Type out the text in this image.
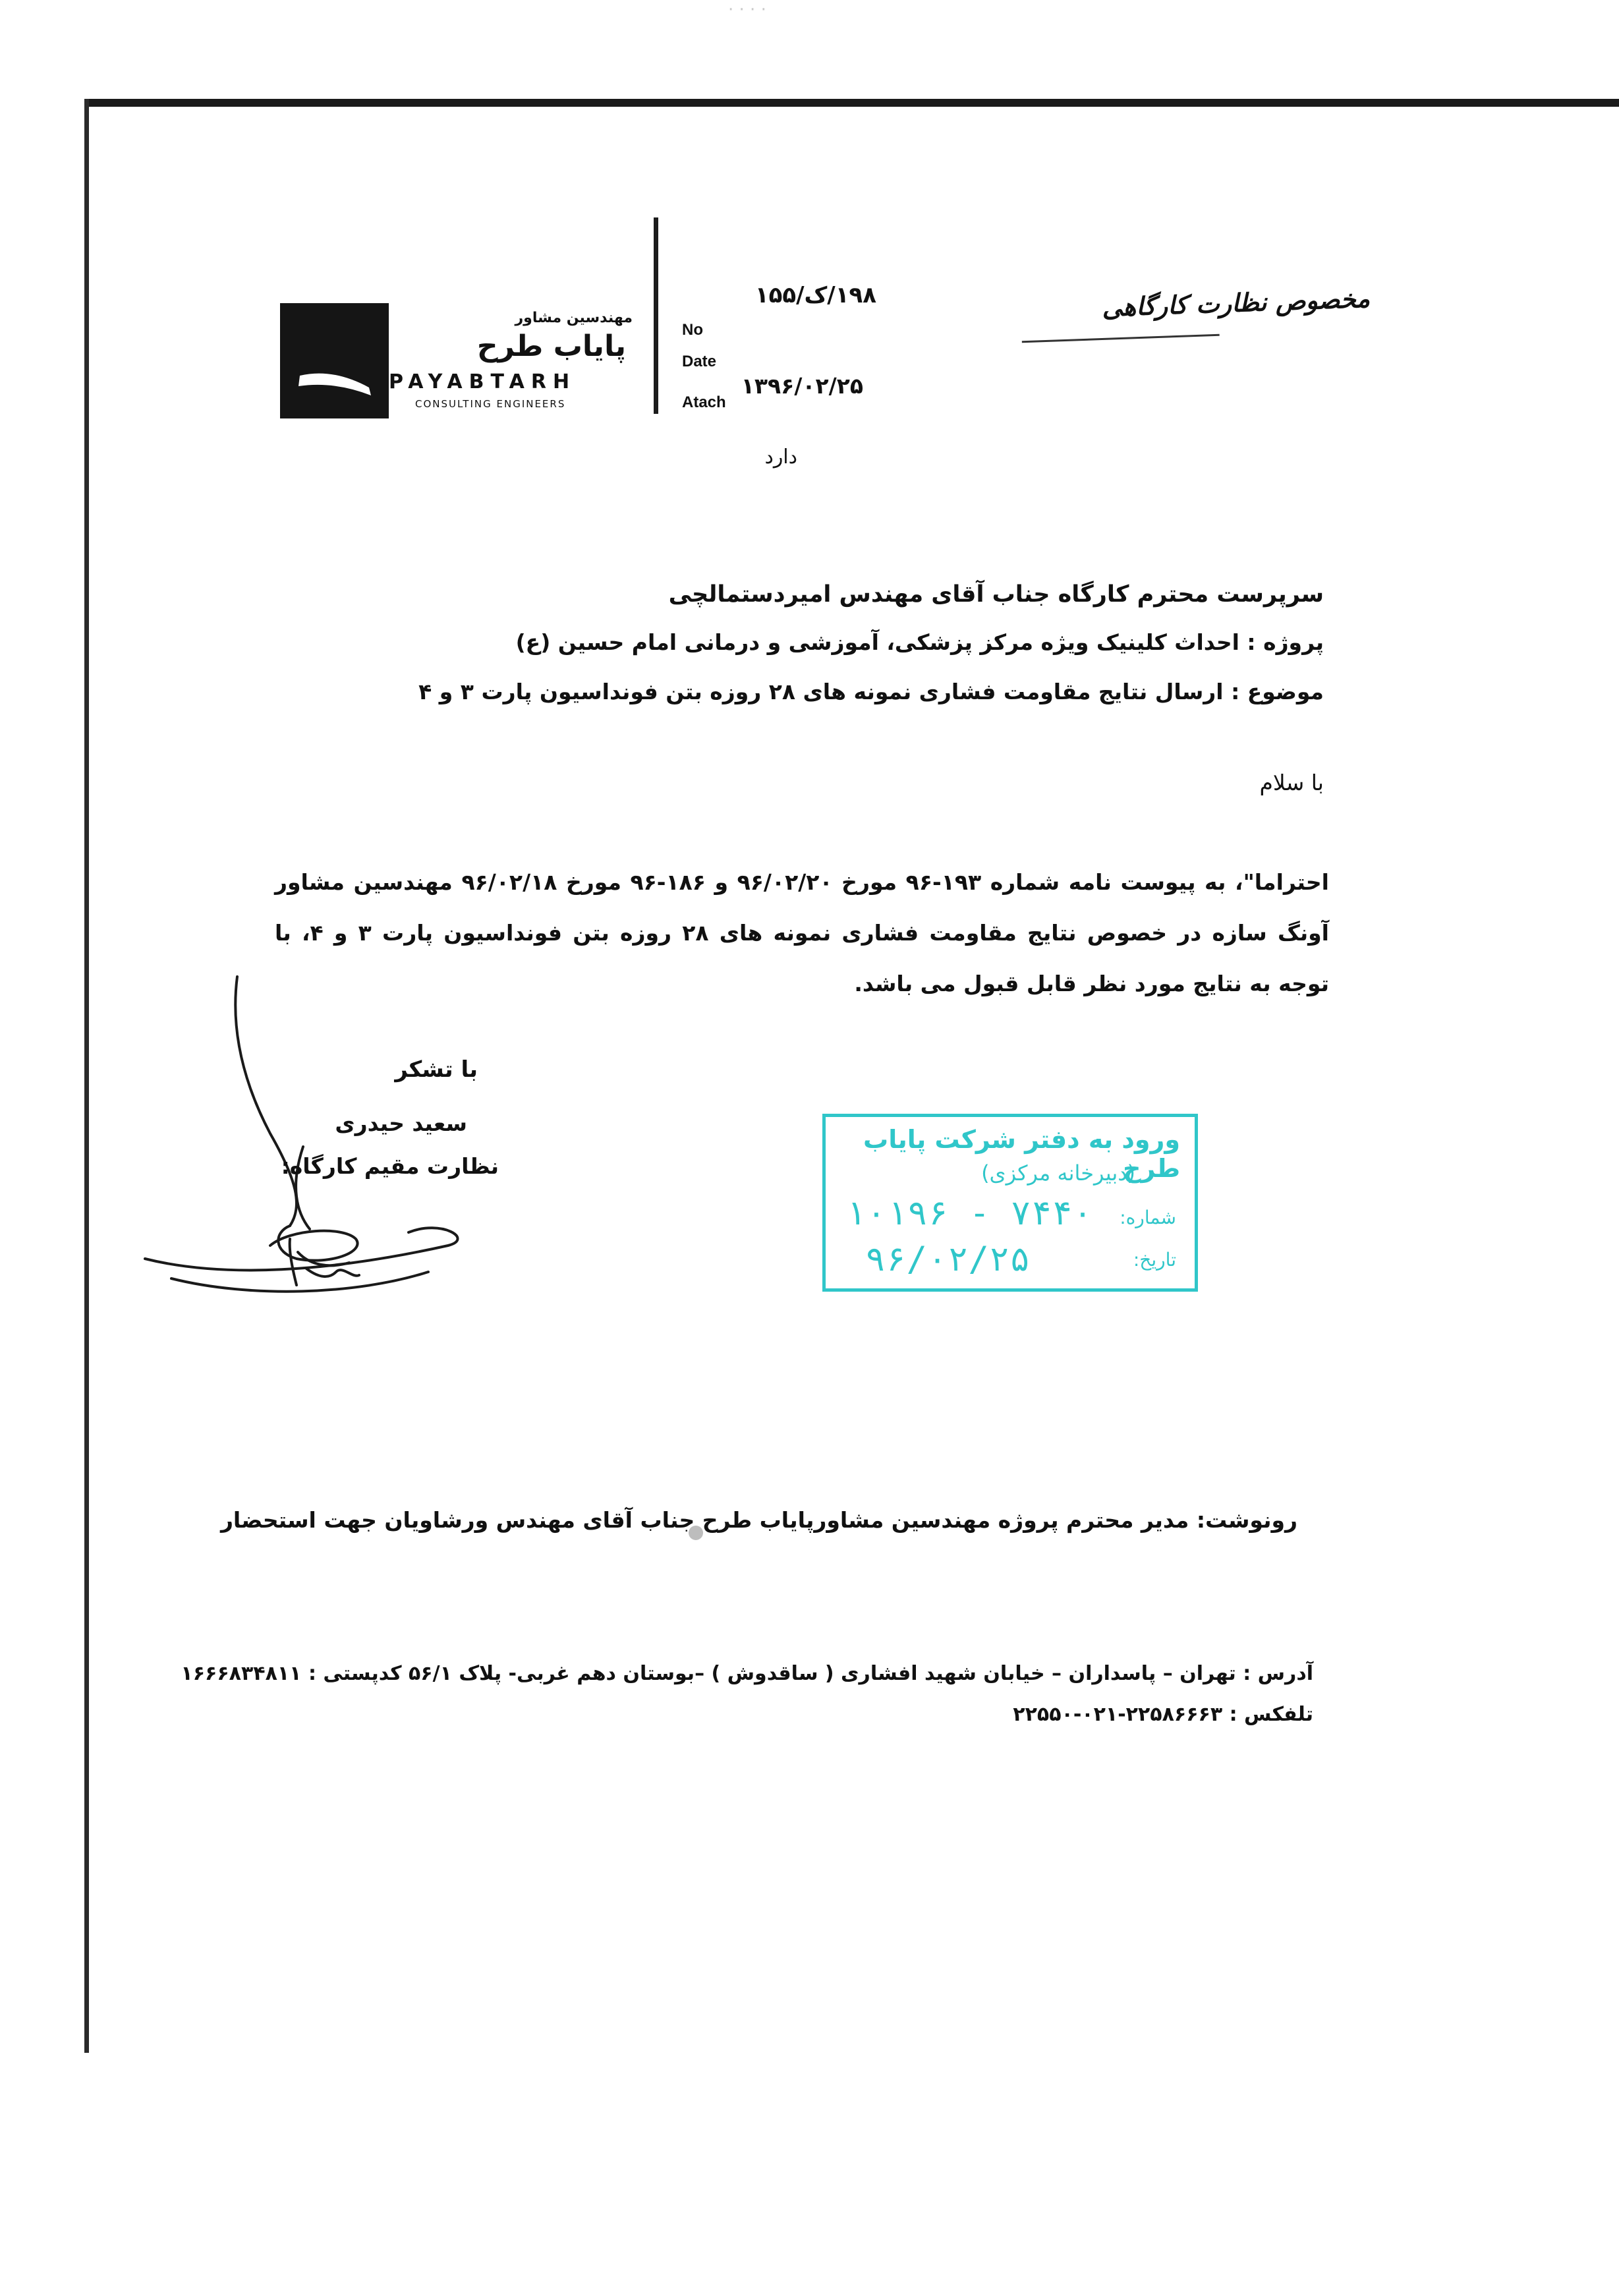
· · · ·
مهندسین مشاور
پایاب طرح
PAYABTARH
CONSULTING ENGINEERS
No
Date
Atach
۱۹۸/ک/۱۵۵
۱۳۹۶/۰۲/۲۵
دارد
مخصوص نظارت کارگاهی
سرپرست محترم کارگاه جناب آقای مهندس امیردستمالچی
پروژه : احداث کلینیک ویژه مرکز پزشکی، آموزشی و درمانی امام حسین (ع)
موضوع : ارسال نتایج مقاومت فشاری نمونه های ۲۸ روزه بتن فونداسیون پارت ۳ و ۴
با سلام
احتراما"، به پیوست نامه شماره ۱۹۳-۹۶ مورخ ۹۶/۰۲/۲۰ و ۱۸۶-۹۶ مورخ ۹۶/۰۲/۱۸ مهندسین مشاور آونگ سازه در خصوص نتایج مقاومت فشاری نمونه های ۲۸ روزه بتن فونداسیون پارت ۳ و ۴، با توجه به نتایج مورد نظر قابل قبول می باشد.
با تشکر
سعید حیدری
نظارت مقیم کارگاه:
ورود به دفتر شرکت پایاب طرح
(دبیرخانه مرکزی)
شماره:
۱۰۱۹۶ - ۷۴۴۰
تاریخ:
۹۶/۰۲/۲۵
رونوشت: مدیر محترم پروژه مهندسین مشاورپایاب طرح جناب آقای مهندس ورشاویان جهت استحضار
آدرس : تهران – پاسداران – خیابان شهید افشاری ( ساقدوش ) –بوستان دهم غربی- پلاک ۵۶/۱ کدپستی : ۱۶۶۶۸۳۴۸۱۱
تلفکس : ۲۲۵۸۶۶۶۳-۰۲۱-۲۲۵۵۰
